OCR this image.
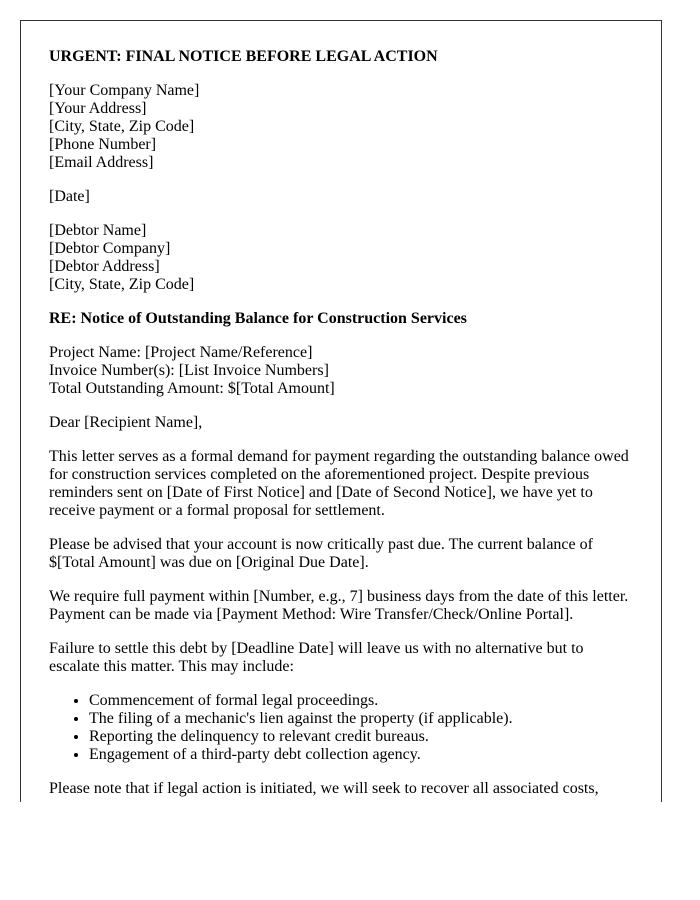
URGENT: FINAL NOTICE BEFORE LEGAL ACTION

[Your Company Name]
[Your Address]
[City, State, Zip Code]
[Phone Number]
[Email Address]

[Date]

[Debtor Name]
[Debtor Company]
[Debtor Address]
[City, State, Zip Code]

RE: Notice of Outstanding Balance for Construction Services

Project Name: [Project Name/Reference]
Invoice Number(s): [List Invoice Numbers]
Total Outstanding Amount: $[Total Amount]

Dear [Recipient Name],

This letter serves as a formal demand for payment regarding the outstanding balance owed for construction services completed on the aforementioned project. Despite previous reminders sent on [Date of First Notice] and [Date of Second Notice], we have yet to receive payment or a formal proposal for settlement.

Please be advised that your account is now critically past due. The current balance of $[Total Amount] was due on [Original Due Date].

We require full payment within [Number, e.g., 7] business days from the date of this letter. Payment can be made via [Payment Method: Wire Transfer/Check/Online Portal].

Failure to settle this debt by [Deadline Date] will leave us with no alternative but to escalate this matter. This may include:

• Commencement of formal legal proceedings.
• The filing of a mechanic's lien against the property (if applicable).
• Reporting the delinquency to relevant credit bureaus.
• Engagement of a third-party debt collection agency.

Please note that if legal action is initiated, we will seek to recover all associated costs,
